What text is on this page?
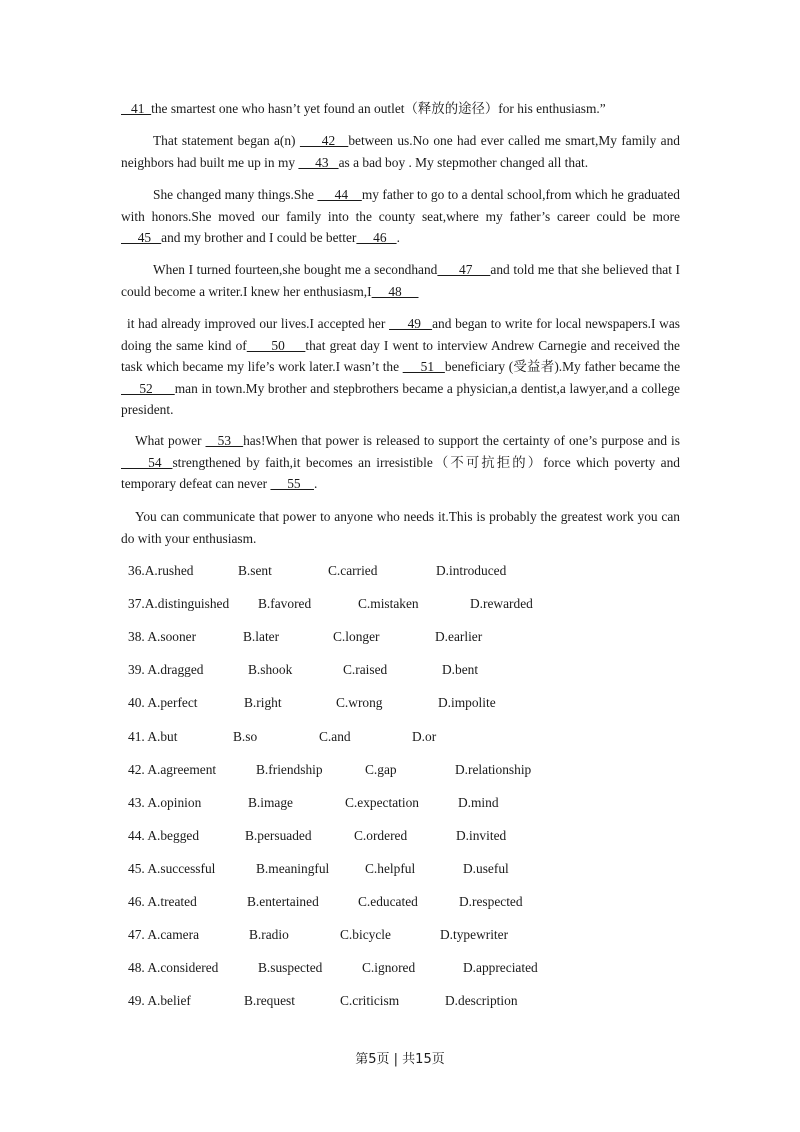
41  the smartest one who hasn’t yet found an outlet（释放的途径）for his enthusiasm.”

That statement began a(n)      42   between us.No one had ever called me smart,My family and neighbors had built me up in my      43   as a bad boy . My stepmother changed all that.

She changed many things.She      44    my father to go to a dental school,from which he graduated with honors.She moved our family into the county seat,where my father’s career could be more      45   and my brother and I could be better     46   .

When I turned fourteen,she bought me a secondhand      47     and told me that she believed that I could become a writer.I knew her enthusiasm,I     48

it had already improved our lives.I accepted her      49   and began to write for local newspapers.I was doing the same kind of      50     that great day I went to interview Andrew Carnegie and received the task which became my life’s work later.I wasn’t the      51   beneficiary (受益者).My father became the      52      man in town.My brother and stepbrothers became a physician,a dentist,a lawyer,and a college president.

What power    53   has!When that power is released to support the certainty of one’s purpose and is      54  strengthened by faith,it becomes an irresistible（不可抗拒的）force which poverty and temporary defeat can never      55    .

You can communicate that power to anyone who needs it.This is probably the greatest work you can do with your enthusiasm.

36.A.rushed	B.sent	C.carried	D.introduced
37.A.distinguished B.favored	C.mistaken	D.rewarded
38. A.sooner	B.later	C.longer	D.earlier
39. A.dragged	B.shook	C.raised	D.bent
40. A.perfect	B.right	C.wrong	D.impolite
41. A.but	B.so	C.and	D.or
42. A.agreement	B.friendship	C.gap	D.relationship
43. A.opinion	B.image	C.expectation	D.mind
44. A.begged	B.persuaded	C.ordered	D.invited
45. A.successful	B.meaningful	C.helpful	D.useful
46. A.treated	B.entertained	C.educated	D.respected
47. A.camera	B.radio	C.bicycle	D.typewriter
48. A.considered	B.suspected	C.ignored	D.appreciated
49. A.belief	B.request	C.criticism	D.description
第5页 | 共15页
